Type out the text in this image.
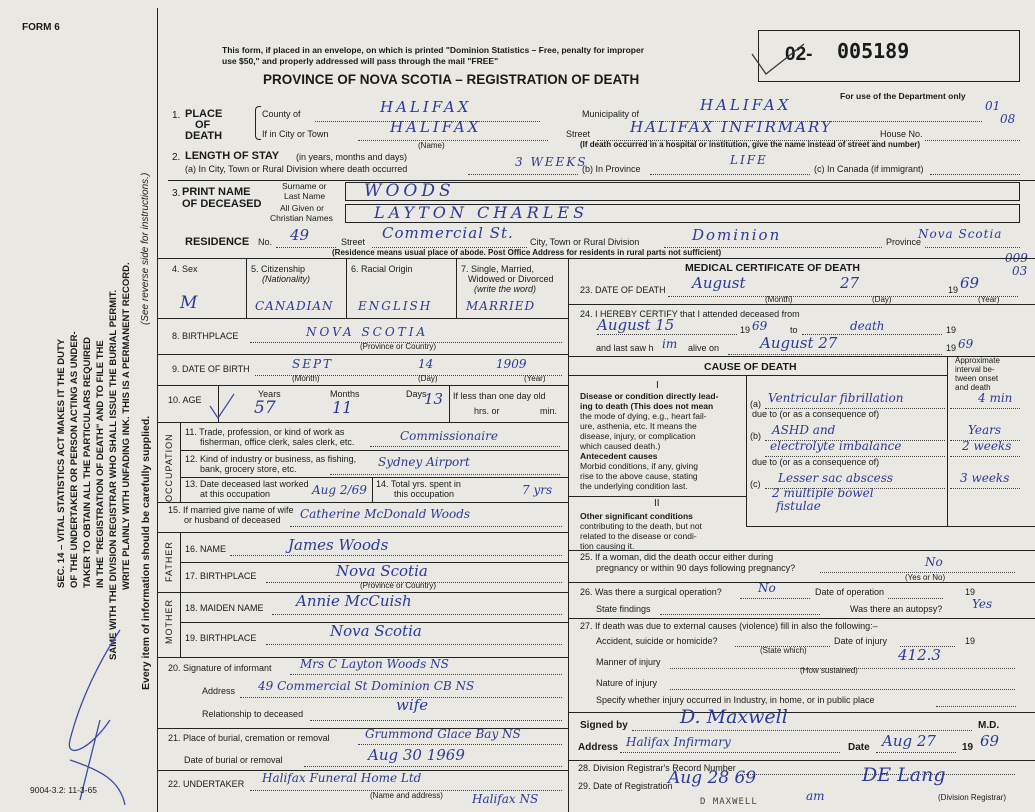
FORM 6
SEC. 14 – VITAL STATISTICS ACT MAKES IT THE DUTY OF THE UNDERTAKER OR PERSON ACTING AS UNDER- TAKER TO OBTAIN ALL THE PARTICULARS REQUIRED IN THE "REGISTRATION OF DEATH" AND TO FILE THE SAME WITH THE DIVISION REGISTRAR WHO SHALL ISSUE THE BURIAL PERMIT. WRITE PLAINLY WITH UNFADING INK. THIS IS A PERMANENT RECORD. Every item of information should be carefully supplied.
(See reverse side for instructions.)
This form, if placed in an envelope, on which is printed "Dominion Statistics – Free, penalty for improper
use $50," and properly addressed will pass through the mail "FREE"
PROVINCE OF NOVA SCOTIA – REGISTRATION OF DEATH
02- 005189
For use of the Department only
01
08
009
03
1. PLACE
OF
DEATH
County of	HALIFAX	Municipality of	HALIFAX
If in City or Town	HALIFAX
(Name)
Street	HALIFAX INFIRMARY	House No.
(If death occurred in a hospital or institution, give the name instead of street and number)
2. LENGTH OF STAY (in years, months and days)
(a) In City, Town or Rural Division where death occurred	3 WEEKS
(b) In Province
LIFE
(c) In Canada (if immigrant)
3. PRINT NAME
OF DECEASED
Surname or
Last Name WOODS
All Given or
Christian Names	LAYTON CHARLES
RESIDENCE No. 49	Street Commercial St. City, Town or Rural Division	Dominion	Province
Nova Scotia
(Residence means usual place of abode. Post Office Address for residents in rural parts not sufficient)
4. Sex
M
5. Citizenship
(Nationality)
CANADIAN
6. Racial Origin
ENGLISH
7. Single, Married,
Widowed or Divorced
(write the word)
MARRIED
8. BIRTHPLACE	NOVA SCOTIA
(Province or Country)
9. DATE OF BIRTH	SEPT	14	1909
(Month)	(Day)	(Year)
10. AGE
Years	Months	Days
57	11	13 If less than one day old
hrs. or	min.
OCCUPATION
11. Trade, profession, or kind of work as
fisherman, office clerk, sales clerk, etc.	Commissionaire
12. Kind of industry or business, as fishing,
bank, grocery store, etc.	Sydney Airport
13. Date deceased last worked
at this occupation	Aug 2/69 14. Total yrs. spent in
this occupation	7 yrs
15. If married give name of wife
or husband of deceased Catherine McDonald Woods
FATHER 16. NAME	James Woods
17. BIRTHPLACE	Nova Scotia
(Province or Country)
MOTHER 18. MAIDEN NAME Annie McCuish
19. BIRTHPLACE	Nova Scotia
20. Signature of informant Mrs C Layton Woods NS
Address 49 Commercial St Dominion CB NS
Relationship to deceased	wife
21. Place of burial, cremation or removal	Grummond Glace Bay NS
Date of burial or removal	Aug 30 1969
22. UNDERTAKER Halifax Funeral Home Ltd
(Name and address) Halifax NS
9004-3.2: 11-3-65
MEDICAL CERTIFICATE OF DEATH
23. DATE OF DEATH August	27	19 69
(Month)	(Day)	(Year)
24. I HEREBY CERTIFY that I attended deceased from
August 15	19 69	to	death	19
and last saw h im alive on	August 27	19 69
CAUSE OF DEATH
Approximate
interval be-
tween onset
and death
I
Disease or condition directly lead-
ing to death (This does not mean
the mode of dying, e.g., heart fail-
ure, asthenia, etc. It means the
disease, injury, or complication
which caused death.)
(a) Ventricular fibrillation	4 min
due to (or as a consequence of)
(b) ASHD and	Years
electrolyte imbalance	2 weeks
due to (or as a consequence of)
Antecedent causes
Morbid conditions, if any, giving
rise to the above cause, stating
the underlying condition last.	(c) Lesser sac abscess	3 weeks
2 multiple bowel
fistulae
II
Other significant conditions
contributing to the death, but not
related to the disease or condi-
tion causing it.
25. If a woman, did the death occur either during
pregnancy or within 90 days following pregnancy?	No
(Yes or No)
26. Was there a surgical operation?	No	Date of operation	19
State findings	Was there an autopsy? Yes
27. If death was due to external causes (violence) fill in also the following:–
Accident, suicide or homicide?	Date of injury	19
(State which)	412.3
Manner of injury
(How sustained)
Nature of injury
Specify whether injury occurred in Industry, in home, or in public place
Signed by	D. Maxwell	M.D.
Address Halifax Infirmary	Date Aug 27	19 69
28. Division Registrar's Record Number
29. Date of Registration
Aug 28 69	DE Lang
(Division Registrar)
D MAXWELL	am
